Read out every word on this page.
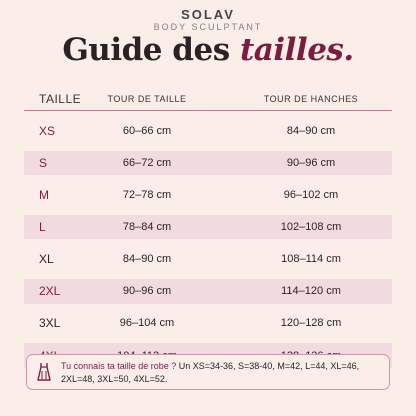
SOLAV
BODY SCULPTANT
Guide des tailles.
TAILLE	TOUR DE TAILLE	TOUR DE HANCHES
XS	60–66 cm	84–90 cm
S	66–72 cm	90–96 cm
M	72–78 cm	96–102 cm
L	78–84 cm	102–108 cm
XL	84–90 cm	108–114 cm
2XL	90–96 cm	114–120 cm
3XL	96–104 cm	120–128 cm
Tu connais ta taille de robe ? Un XS=34-36, S=38-40, M=42, L=44, XL=46, 2XL=48, 3XL=50, 4XL=52.
